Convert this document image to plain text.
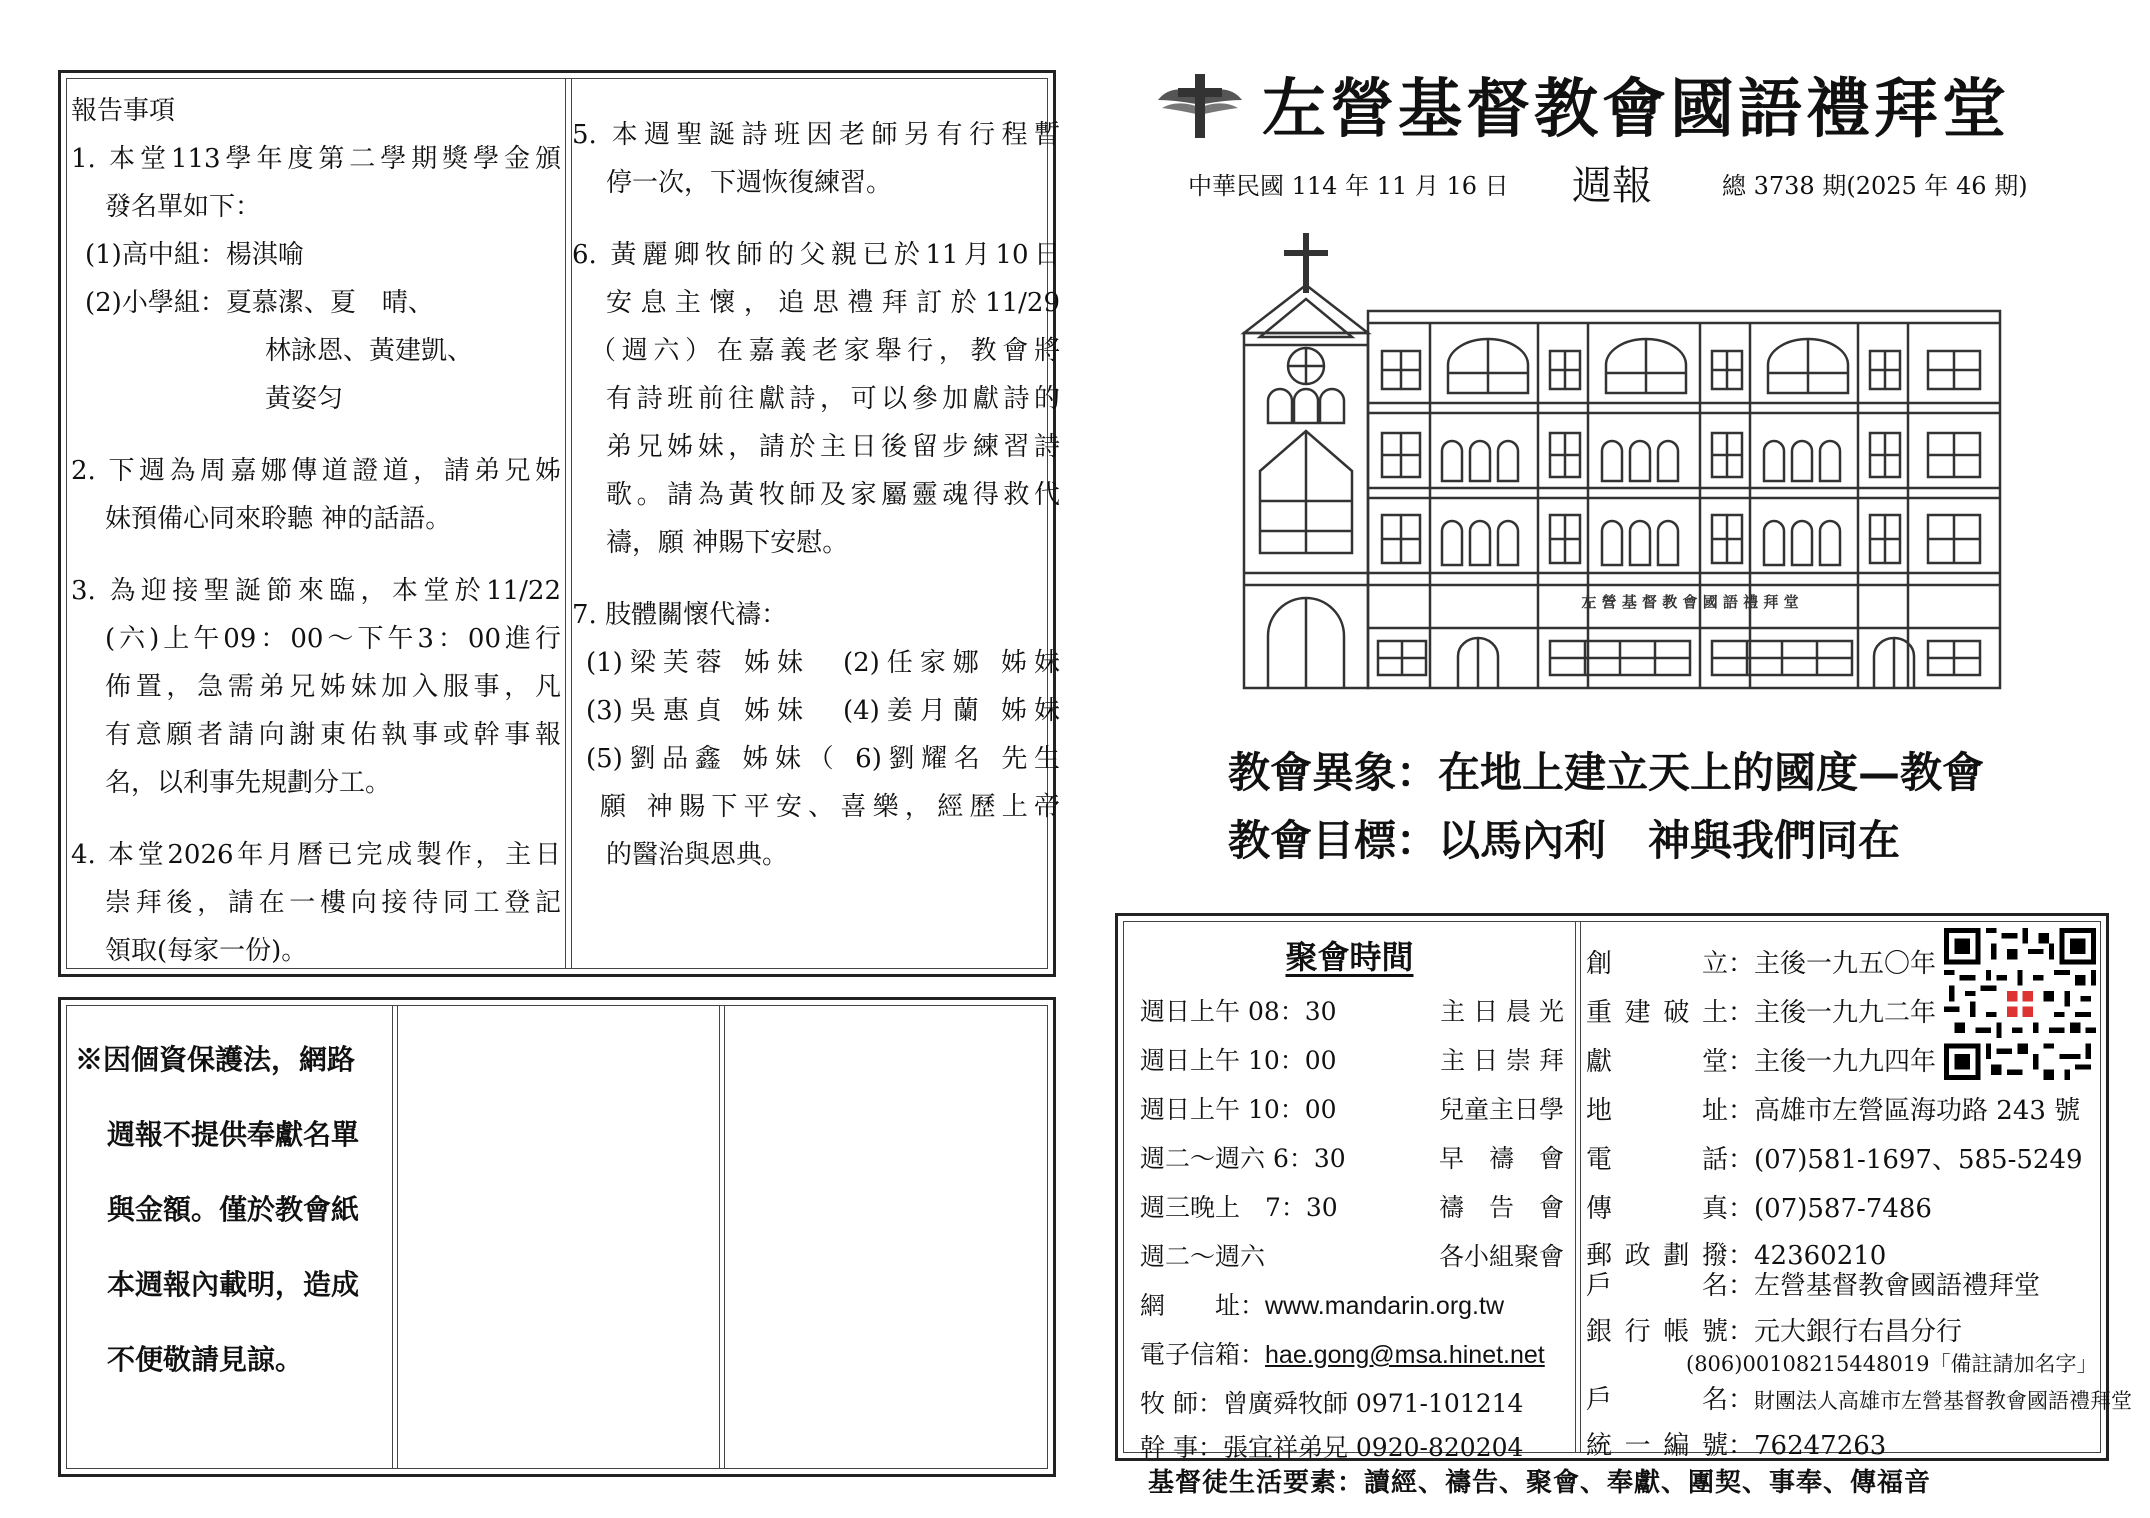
報告事項
1. 本堂113學年度第二學期獎學金頒
發名單如下：
(1)高中組：楊淇喻
(2)小學組：夏慕潔、夏　晴、
林詠恩、黃建凱、
黃姿匀
2. 下週為周嘉娜傳道證道，請弟兄姊
妹預備心同來聆聽 神的話語。
3. 為迎接聖誕節來臨，本堂於11/22
(六)上午09：00～下午3：00進行
佈置，急需弟兄姊妹加入服事，凡
有意願者請向謝東佑執事或幹事報
名，以利事先規劃分工。
4. 本堂2026年月曆已完成製作，主日
崇拜後，請在一樓向接待同工登記
領取(每家一份)。
5. 本週聖誕詩班因老師另有行程暫
停一次，下週恢復練習。
6. 黃麗卿牧師的父親已於11月10日
安息主懷，追思禮拜訂於11/29
（週六）在嘉義老家舉行，教會將
有詩班前往獻詩，可以參加獻詩的
弟兄姊妹，請於主日後留步練習詩
歌。請為黃牧師及家屬靈魂得救代
禱，願 神賜下安慰。
7. 肢體關懷代禱：
(1)梁芙蓉 姊妹　(2)任家娜 姊妹
(3)吳惠貞 姊妹　(4)姜月蘭 姊妹
(5)劉品鑫 姊妹（ 6)劉耀名 先生
願 神賜下平安、喜樂，經歷上帝
的醫治與恩典。
※因個資保護法，網路
週報不提供奉獻名單
與金額。僅於教會紙
本週報內載明，造成
不便敬請見諒。
左營基督教會國語禮拜堂
中華民國 114 年 11 月 16 日 週報	總 3738 期(2025 年 46 期)
左 營 基 督 教 會 國 語 禮 拜 堂
教會異象：在地上建立天上的國度—教會
教會目標：以馬內利　神與我們同在
聚會時間
週日上午 08：30	主 日 晨 光
週日上午 10：00	主 日 崇 拜
週日上午 10：00	兒童主日學
週二～週六 6：30	早　禱　會
週三晚上　7：30	禱　告　會
週二～週六	各小組聚會
網　　址：www.mandarin.org.tw
電子信箱：hae.gong@msa.hinet.net
牧 師：曾廣舜牧師 0971-101214
幹 事：張宜祥弟兄 0920-820204
創立：主後一九五〇年
重建破土：主後一九九二年
獻堂：主後一九九四年
地址：高雄市左營區海功路 243 號
電話：(07)581-1697、585-5249
傳真：(07)587-7486
郵政劃撥：42360210
戶名：左營基督教會國語禮拜堂
銀行帳號：元大銀行右昌分行
(806)00108215448019「備註請加名字」
戶名：財團法人高雄市左營基督教會國語禮拜堂
統一編號：76247263
基督徒生活要素：讀經、禱告、聚會、奉獻、團契、事奉、傳福音
